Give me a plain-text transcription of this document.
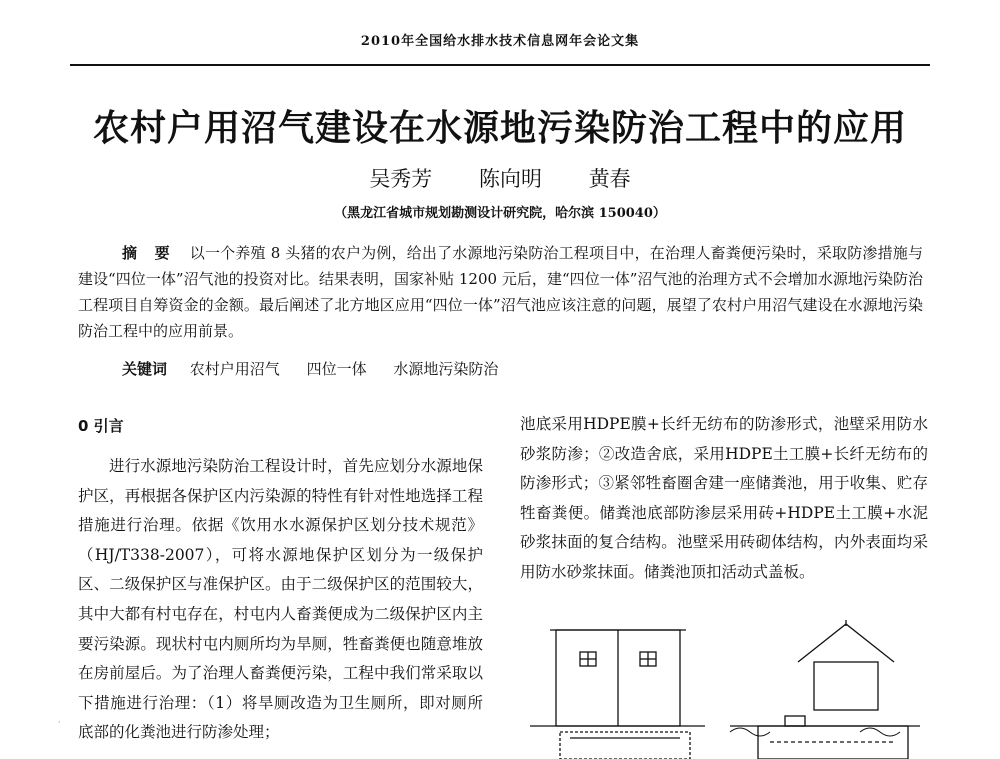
2010年全国给水排水技术信息网年会论文集
农村户用沼气建设在水源地污染防治工程中的应用
吴秀芳 陈向明 黄春
（黑龙江省城市规划勘测设计研究院，哈尔滨 150040）
摘 要 以一个养殖 8 头猪的农户为例，给出了水源地污染防治工程项目中，在治理人畜粪便污染时，采取防渗措施与建设“四位一体”沼气池的投资对比。结果表明，国家补贴 1200 元后，建“四位一体”沼气池的治理方式不会增加水源地污染防治工程项目自筹资金的金额。最后阐述了北方地区应用“四位一体”沼气池应该注意的问题，展望了农村户用沼气建设在水源地污染防治工程中的应用前景。
关键词 农村户用沼气 四位一体 水源地污染防治
0 引言

进行水源地污染防治工程设计时，首先应划分水源地保护区，再根据各保护区内污染源的特性有针对性地选择工程措施进行治理。依据《饮用水水源保护区划分技术规范》（HJ/T338-2007），可将水源地保护区划分为一级保护区、二级保护区与准保护区。由于二级保护区的范围较大，其中大都有村屯存在，村屯内人畜粪便成为二级保护区内主要污染源。现状村屯内厕所均为旱厕，牲畜粪便也随意堆放在房前屋后。为了治理人畜粪便污染，工程中我们常采取以下措施进行治理：（1）将旱厕改造为卫生厕所，即对厕所底部的化粪池进行防渗处理；

池底采用HDPE膜+长纤无纺布的防渗形式，池壁采用防水砂浆防渗；②改造舍底，采用HDPE土工膜+长纤无纺布的防渗形式；③紧邻牲畜圈舍建一座储粪池，用于收集、贮存牲畜粪便。储粪池底部防渗层采用砖+HDPE土工膜+水泥砂浆抹面的复合结构。池壁采用砖砌体结构，内外表面均采用防水砂浆抹面。储粪池顶扣活动式盖板。

·
